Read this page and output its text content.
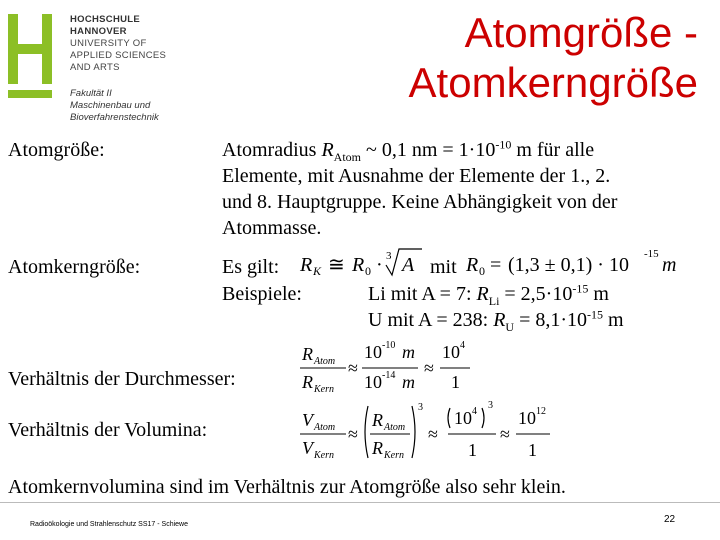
HOCHSCHULE
HANNOVER
UNIVERSITY OF
APPLIED SCIENCES
AND ARTS
Fakultät II
Maschinenbau und
Bioverfahrenstechnik
Atomgröße -
Atomkerngröße
Atomgröße:
Atomkerngröße:
Atomradius $R_{Atom}$ ~ 0,1 nm = $1\cdot 10^{-10}$ m für alle
Elemente, mit Ausnahme der Elemente der 1., 2.
und 8. Hauptgruppe. Keine Abhängigkeit von der
Atommasse.
Es gilt: R K ≅ R 0 · 3 A mit R 0 = (1,3 ± 0,1) · 10 -15 m
Beispiele:	Li mit A = 7: $R_{Li} = 2,5\cdot 10^{-15}$ m
U mit A = 238: $R_U = 8,1\cdot 10^{-15}$ m
Verhältnis der Durchmesser:
R Atom
R Kern
≈
10 -10 m
10 -14 m
≈
10 4
1
Verhältnis der Volumina:	V Atom
V Kern
≈
R Atom
R Kern
3
≈
10 4
3
1
≈
10 12
1
Atomkernvolumina sind im Verhältnis zur Atomgröße also sehr klein.
Radioökologie und Strahlenschutz SS17 - Schiewe	22
